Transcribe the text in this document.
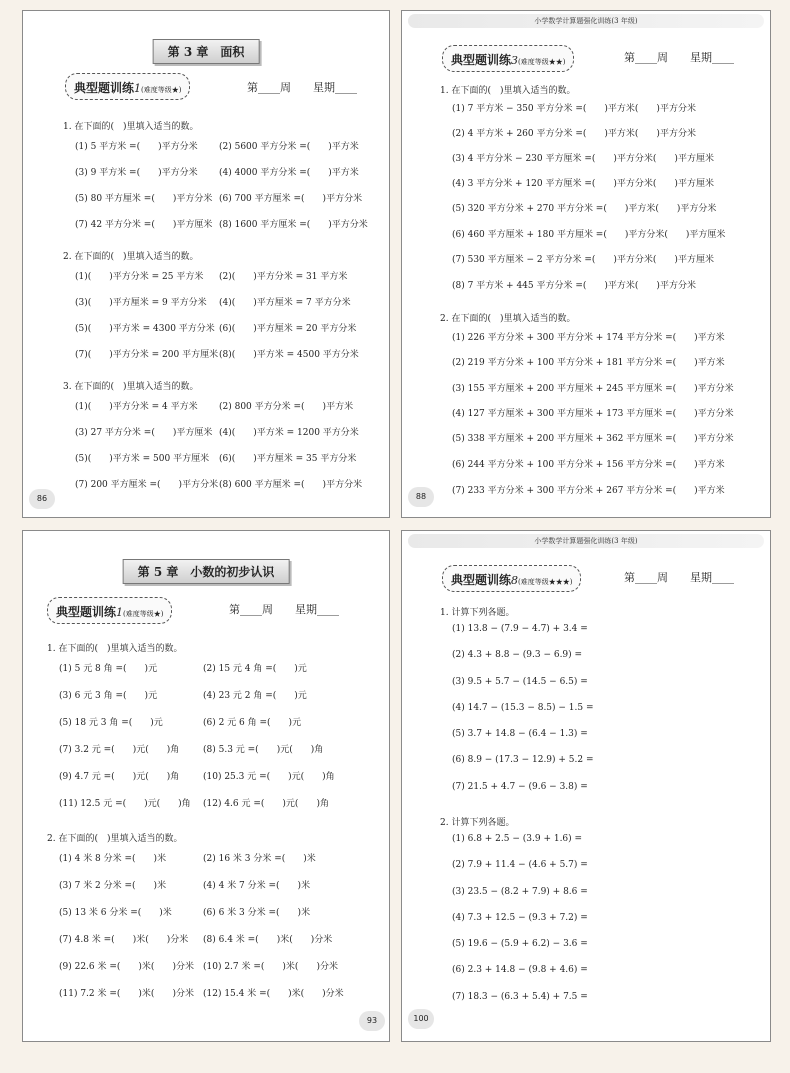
第 3 章　面积
典型题训练1(难度等级★)	第____周　　星期____
1. 在下面的(　)里填入适当的数。
(1) 5 平方米 =(　　)平方分米 (2) 5600 平方分米 =(　　)平方米
(3) 9 平方米 =(　　)平方分米 (4) 4000 平方分米 =(　　)平方米
(5) 80 平方厘米 =(　　)平方分米 (6) 700 平方厘米 =(　　)平方分米
(7) 42 平方分米 =(　　)平方厘米 (8) 1600 平方厘米 =(　　)平方分米
2. 在下面的(　)里填入适当的数。
(1)(　　)平方分米 = 25 平方米 (2)(　　)平方分米 = 31 平方米
(3)(　　)平方厘米 = 9 平方分米 (4)(　　)平方厘米 = 7 平方分米
(5)(　　)平方米 = 4300 平方分米 (6)(　　)平方厘米 = 20 平方分米
(7)(　　)平方分米 = 200 平方厘米 (8)(　　)平方米 = 4500 平方分米
3. 在下面的(　)里填入适当的数。
(1)(　　)平方分米 = 4 平方米 (2) 800 平方分米 =(　　)平方米
(3) 27 平方分米 =(　　)平方厘米 (4)(　　)平方米 = 1200 平方分米
(5)(　　)平方米 = 500 平方厘米 (6)(　　)平方厘米 = 35 平方分米
(7) 200 平方厘米 =(　　)平方分米 (8) 600 平方厘米 =(　　)平方分米
86
小学数学计算题强化训练(3 年级)
典型题训练3(难度等级★★)	第____周　　星期____
1. 在下面的(　)里填入适当的数。
(1) 7 平方米 − 350 平方分米 =(　　)平方米(　　)平方分米
(2) 4 平方米 + 260 平方分米 =(　　)平方米(　　)平方分米
(3) 4 平方分米 − 230 平方厘米 =(　　)平方分米(　　)平方厘米
(4) 3 平方分米 + 120 平方厘米 =(　　)平方分米(　　)平方厘米
(5) 320 平方分米 + 270 平方分米 =(　　)平方米(　　)平方分米
(6) 460 平方厘米 + 180 平方厘米 =(　　)平方分米(　　)平方厘米
(7) 530 平方厘米 − 2 平方分米 =(　　)平方分米(　　)平方厘米
(8) 7 平方米 + 445 平方分米 =(　　)平方米(　　)平方分米
2. 在下面的(　)里填入适当的数。
(1) 226 平方分米 + 300 平方分米 + 174 平方分米 =(　　)平方米
(2) 219 平方分米 + 100 平方分米 + 181 平方分米 =(　　)平方米
(3) 155 平方厘米 + 200 平方厘米 + 245 平方厘米 =(　　)平方分米
(4) 127 平方厘米 + 300 平方厘米 + 173 平方厘米 =(　　)平方分米
(5) 338 平方厘米 + 200 平方厘米 + 362 平方厘米 =(　　)平方分米
(6) 244 平方分米 + 100 平方分米 + 156 平方分米 =(　　)平方米
(7) 233 平方分米 + 300 平方分米 + 267 平方分米 =(　　)平方米
88
第 5 章　小数的初步认识
典型题训练1(难度等级★)	第____周　　星期____
1. 在下面的(　)里填入适当的数。
(1) 5 元 8 角 =(　　)元	(2) 15 元 4 角 =(　　)元
(3) 6 元 3 角 =(　　)元	(4) 23 元 2 角 =(　　)元
(5) 18 元 3 角 =(　　)元	(6) 2 元 6 角 =(　　)元
(7) 3.2 元 =(　　)元(　　)角	(8) 5.3 元 =(　　)元(　　)角
(9) 4.7 元 =(　　)元(　　)角	(10) 25.3 元 =(　　)元(　　)角
(11) 12.5 元 =(　　)元(　　)角 (12) 4.6 元 =(　　)元(　　)角
2. 在下面的(　)里填入适当的数。
(1) 4 米 8 分米 =(　　)米	(2) 16 米 3 分米 =(　　)米
(3) 7 米 2 分米 =(　　)米	(4) 4 米 7 分米 =(　　)米
(5) 13 米 6 分米 =(　　)米	(6) 6 米 3 分米 =(　　)米
(7) 4.8 米 =(　　)米(　　)分米 (8) 6.4 米 =(　　)米(　　)分米
(9) 22.6 米 =(　　)米(　　)分米 (10) 2.7 米 =(　　)米(　　)分米
(11) 7.2 米 =(　　)米(　　)分米 (12) 15.4 米 =(　　)米(　　)分米
93
小学数学计算题强化训练(3 年级)
典型题训练8(难度等级★★★)	第____周　　星期____
1. 计算下列各题。
(1) 13.8 − (7.9 − 4.7) + 3.4 =
(2) 4.3 + 8.8 − (9.3 − 6.9) =
(3) 9.5 + 5.7 − (14.5 − 6.5) =
(4) 14.7 − (15.3 − 8.5) − 1.5 =
(5) 3.7 + 14.8 − (6.4 − 1.3) =
(6) 8.9 − (17.3 − 12.9) + 5.2 =
(7) 21.5 + 4.7 − (9.6 − 3.8) =
2. 计算下列各题。
(1) 6.8 + 2.5 − (3.9 + 1.6) =
(2) 7.9 + 11.4 − (4.6 + 5.7) =
(3) 23.5 − (8.2 + 7.9) + 8.6 =
(4) 7.3 + 12.5 − (9.3 + 7.2) =
(5) 19.6 − (5.9 + 6.2) − 3.6 =
(6) 2.3 + 14.8 − (9.8 + 4.6) =
(7) 18.3 − (6.3 + 5.4) + 7.5 =
100
